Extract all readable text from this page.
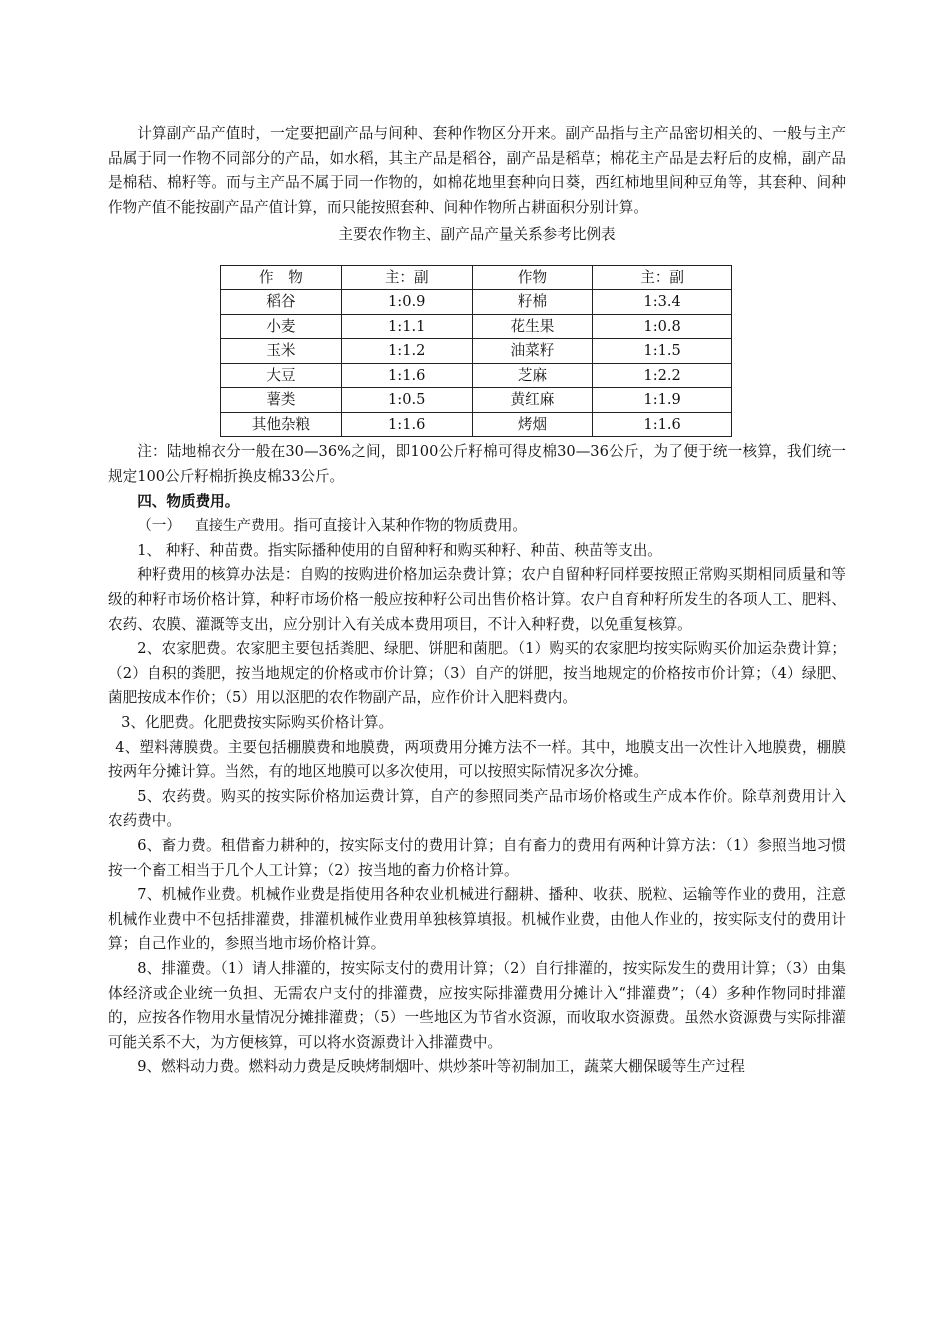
计算副产品产值时，一定要把副产品与间种、套种作物区分开来。副产品指与主产品密切相关的、一般与主产品属于同一作物不同部分的产品，如水稻，其主产品是稻谷，副产品是稻草；棉花主产品是去籽后的皮棉，副产品是棉秸、棉籽等。而与主产品不属于同一作物的，如棉花地里套种向日葵，西红柿地里间种豆角等，其套种、间种作物产值不能按副产品产值计算，而只能按照套种、间种作物所占耕面积分别计算。

主要农作物主、副产品产量关系参考比例表

作　物	主：副	作物	主：副
稻谷	1:0.9	籽棉	1:3.4
小麦	1:1.1	花生果	1:0.8
玉米	1:1.2	油菜籽	1:1.5
大豆	1:1.6	芝麻	1:2.2
薯类	1:0.5	黄红麻	1:1.9
其他杂粮	1:1.6	烤烟	1:1.6

注：陆地棉衣分一般在30—36%之间，即100公斤籽棉可得皮棉30—36公斤，为了便于统一核算，我们统一规定100公斤籽棉折换皮棉33公斤。

四、物质费用。

（一） 直接生产费用。指可直接计入某种作物的物质费用。

1、 种籽、种苗费。指实际播种使用的自留种籽和购买种籽、种苗、秧苗等支出。

种籽费用的核算办法是：自购的按购进价格加运杂费计算；农户自留种籽同样要按照正常购买期相同质量和等级的种籽市场价格计算，种籽市场价格一般应按种籽公司出售价格计算。农户自育种籽所发生的各项人工、肥料、农药、农膜、灌溉等支出，应分别计入有关成本费用项目，不计入种籽费，以免重复核算。

2、农家肥费。农家肥主要包括粪肥、绿肥、饼肥和菌肥。（1）购买的农家肥均按实际购买价加运杂费计算；（2）自积的粪肥，按当地规定的价格或市价计算；（3）自产的饼肥，按当地规定的价格按市价计算；（4）绿肥、菌肥按成本作价；（5）用以沤肥的农作物副产品，应作价计入肥料费内。

3、化肥费。化肥费按实际购买价格计算。

4、塑料薄膜费。主要包括棚膜费和地膜费，两项费用分摊方法不一样。其中，地膜支出一次性计入地膜费，棚膜按两年分摊计算。当然，有的地区地膜可以多次使用，可以按照实际情况多次分摊。

5、农药费。购买的按实际价格加运费计算，自产的参照同类产品市场价格或生产成本作价。除草剂费用计入农药费中。

6、畜力费。租借畜力耕种的，按实际支付的费用计算；自有畜力的费用有两种计算方法：（1）参照当地习惯按一个畜工相当于几个人工计算；（2）按当地的畜力价格计算。

7、机械作业费。机械作业费是指使用各种农业机械进行翻耕、播种、收获、脱粒、运输等作业的费用，注意机械作业费中不包括排灌费，排灌机械作业费用单独核算填报。机械作业费，由他人作业的，按实际支付的费用计算；自己作业的，参照当地市场价格计算。

8、排灌费。（1）请人排灌的，按实际支付的费用计算；（2）自行排灌的，按实际发生的费用计算；（3）由集体经济或企业统一负担、无需农户支付的排灌费，应按实际排灌费用分摊计入“排灌费”；（4）多种作物同时排灌的，应按各作物用水量情况分摊排灌费；（5）一些地区为节省水资源，而收取水资源费。虽然水资源费与实际排灌可能关系不大，为方便核算，可以将水资源费计入排灌费中。

9、燃料动力费。燃料动力费是反映烤制烟叶、烘炒茶叶等初制加工，蔬菜大棚保暖等生产过程
